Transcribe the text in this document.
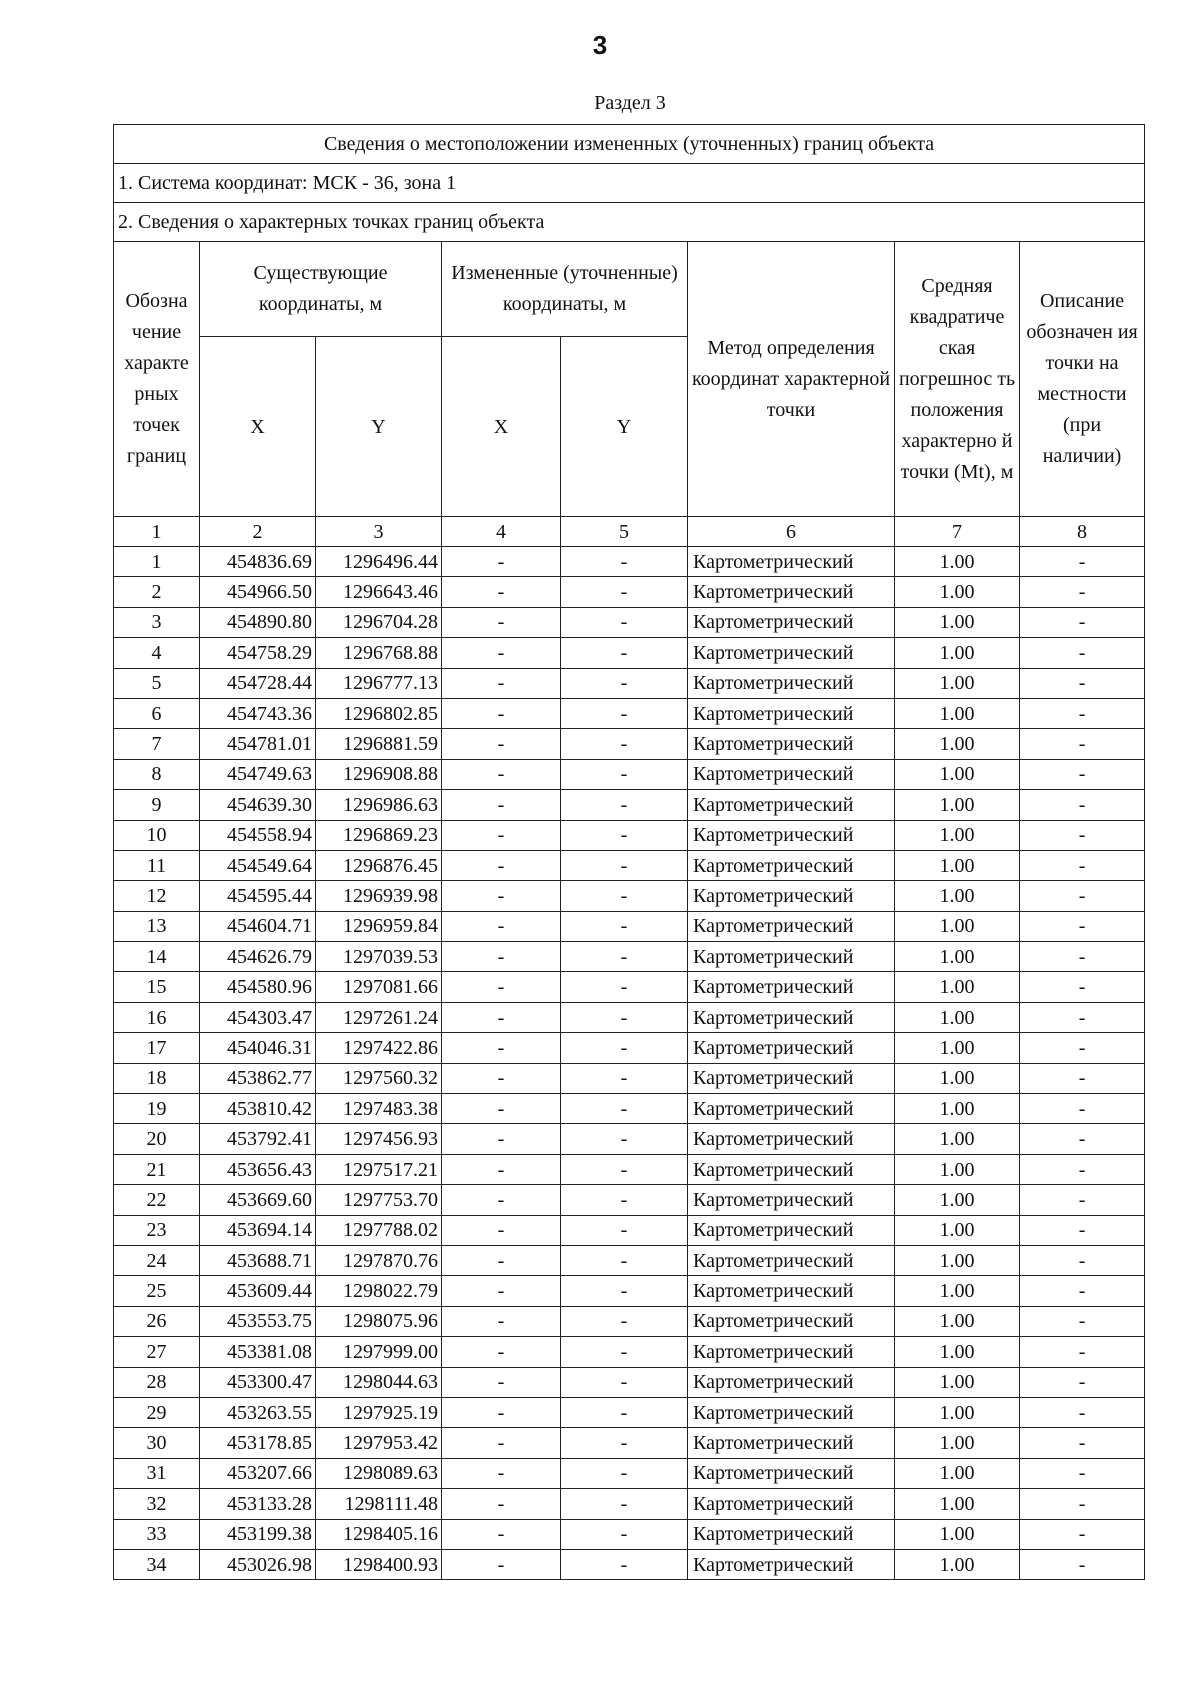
3
Раздел 3
Сведения о местоположении измененных (уточненных) границ объекта							
1. Система координат: МСК - 36, зона 1							
2. Сведения о характерных точках границ объекта							
Обозна чение характе рных точек границ	Существующие координаты, м		Измененные (уточненные) координаты, м		Метод определения координат характерной точки	Средняя квадратиче ская погрешнос ть положения характерно й точки (Mt), м	Описание обозначен ия точки на местности (при наличии)
	X	Y	X	Y			
1	2	3	4	5	6	7	8
1	454836.69	1296496.44	-	-	Картометрический	1.00	-
2	454966.50	1296643.46	-	-	Картометрический	1.00	-
3	454890.80	1296704.28	-	-	Картометрический	1.00	-
4	454758.29	1296768.88	-	-	Картометрический	1.00	-
5	454728.44	1296777.13	-	-	Картометрический	1.00	-
6	454743.36	1296802.85	-	-	Картометрический	1.00	-
7	454781.01	1296881.59	-	-	Картометрический	1.00	-
8	454749.63	1296908.88	-	-	Картометрический	1.00	-
9	454639.30	1296986.63	-	-	Картометрический	1.00	-
10	454558.94	1296869.23	-	-	Картометрический	1.00	-
11	454549.64	1296876.45	-	-	Картометрический	1.00	-
12	454595.44	1296939.98	-	-	Картометрический	1.00	-
13	454604.71	1296959.84	-	-	Картометрический	1.00	-
14	454626.79	1297039.53	-	-	Картометрический	1.00	-
15	454580.96	1297081.66	-	-	Картометрический	1.00	-
16	454303.47	1297261.24	-	-	Картометрический	1.00	-
17	454046.31	1297422.86	-	-	Картометрический	1.00	-
18	453862.77	1297560.32	-	-	Картометрический	1.00	-
19	453810.42	1297483.38	-	-	Картометрический	1.00	-
20	453792.41	1297456.93	-	-	Картометрический	1.00	-
21	453656.43	1297517.21	-	-	Картометрический	1.00	-
22	453669.60	1297753.70	-	-	Картометрический	1.00	-
23	453694.14	1297788.02	-	-	Картометрический	1.00	-
24	453688.71	1297870.76	-	-	Картометрический	1.00	-
25	453609.44	1298022.79	-	-	Картометрический	1.00	-
26	453553.75	1298075.96	-	-	Картометрический	1.00	-
27	453381.08	1297999.00	-	-	Картометрический	1.00	-
28	453300.47	1298044.63	-	-	Картометрический	1.00	-
29	453263.55	1297925.19	-	-	Картометрический	1.00	-
30	453178.85	1297953.42	-	-	Картометрический	1.00	-
31	453207.66	1298089.63	-	-	Картометрический	1.00	-
32	453133.28	1298111.48	-	-	Картометрический	1.00	-
33	453199.38	1298405.16	-	-	Картометрический	1.00	-
34	453026.98	1298400.93	-	-	Картометрический	1.00	-
